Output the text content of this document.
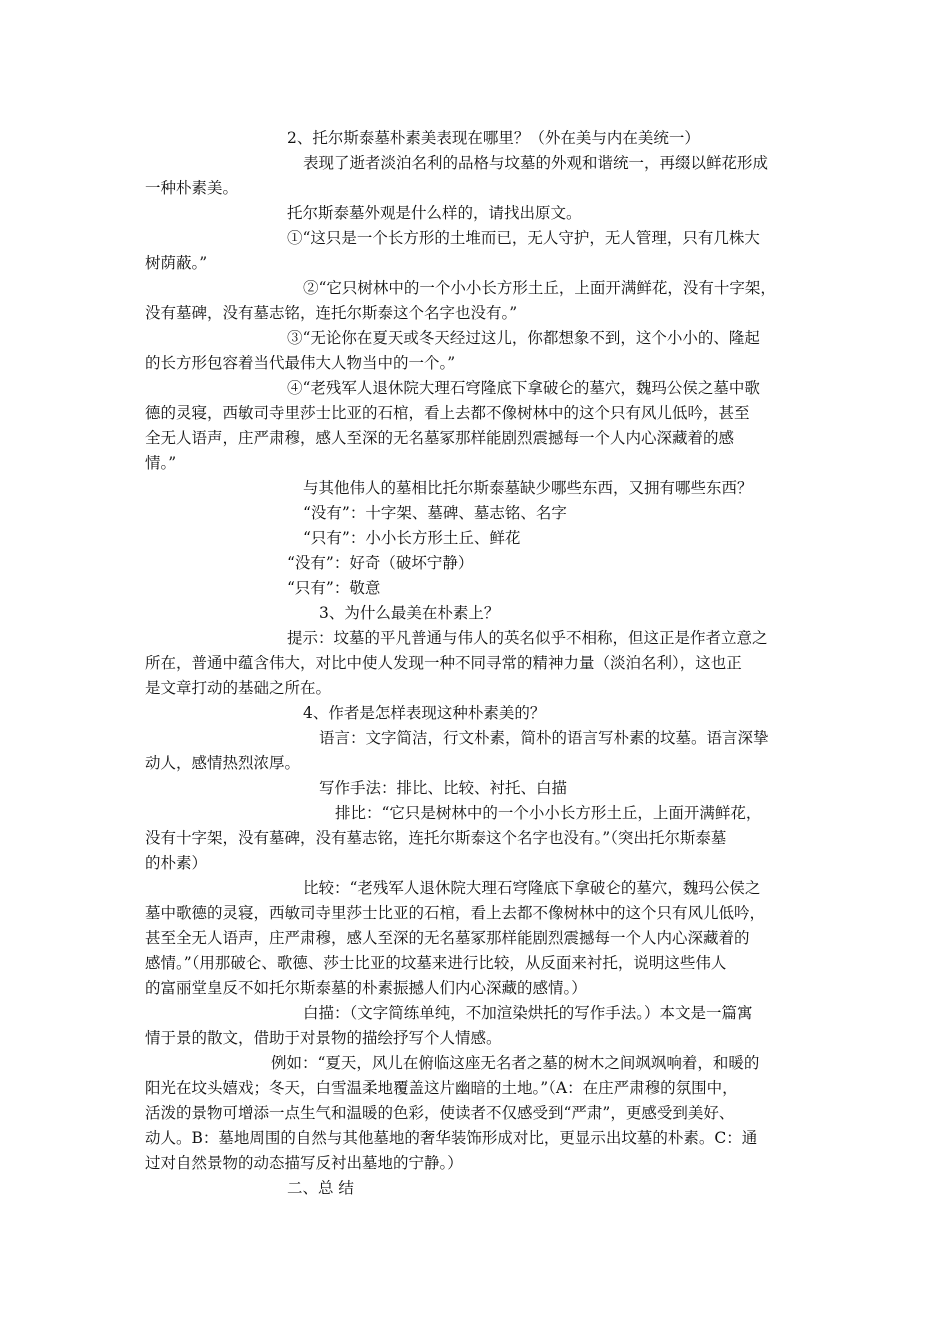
2、托尔斯泰墓朴素美表现在哪里？（外在美与内在美统一）
表现了逝者淡泊名利的品格与坟墓的外观和谐统一，再缀以鲜花形成
一种朴素美。
托尔斯泰墓外观是什么样的，请找出原文。
①“这只是一个长方形的土堆而已，无人守护，无人管理，只有几株大
树荫蔽。”
②“它只树林中的一个小小长方形土丘，上面开满鲜花，没有十字架，
没有墓碑，没有墓志铭，连托尔斯泰这个名字也没有。”
③“无论你在夏天或冬天经过这儿，你都想象不到，这个小小的、隆起
的长方形包容着当代最伟大人物当中的一个。”
④“老残军人退休院大理石穹隆底下拿破仑的墓穴，魏玛公侯之墓中歌
德的灵寝，西敏司寺里莎士比亚的石棺，看上去都不像树林中的这个只有风儿低吟，甚至
全无人语声，庄严肃穆，感人至深的无名墓冢那样能剧烈震撼每一个人内心深藏着的感
情。”
与其他伟人的墓相比托尔斯泰墓缺少哪些东西，又拥有哪些东西？
“没有”：十字架、墓碑、墓志铭、名字
“只有”：小小长方形土丘、鲜花
“没有”：好奇（破坏宁静）
“只有”：敬意
3、为什么最美在朴素上？
提示：坟墓的平凡普通与伟人的英名似乎不相称，但这正是作者立意之
所在，普通中蕴含伟大，对比中使人发现一种不同寻常的精神力量（淡泊名利），这也正
是文章打动的基础之所在。
4、作者是怎样表现这种朴素美的？
语言：文字简洁，行文朴素，简朴的语言写朴素的坟墓。语言深挚
动人，感情热烈浓厚。
写作手法：排比、比较、衬托、白描
排比：“它只是树林中的一个小小长方形土丘，上面开满鲜花，
没有十字架，没有墓碑，没有墓志铭，连托尔斯泰这个名字也没有。”（突出托尔斯泰墓
的朴素）
比较：“老残军人退休院大理石穹隆底下拿破仑的墓穴，魏玛公侯之
墓中歌德的灵寝，西敏司寺里莎士比亚的石棺，看上去都不像树林中的这个只有风儿低吟，
甚至全无人语声，庄严肃穆，感人至深的无名墓冢那样能剧烈震撼每一个人内心深藏着的
感情。”（用那破仑、歌德、莎士比亚的坟墓来进行比较，从反面来衬托，说明这些伟人
的富丽堂皇反不如托尔斯泰墓的朴素振撼人们内心深藏的感情。）
白描：（文字简练单纯，不加渲染烘托的写作手法。）本文是一篇寓
情于景的散文，借助于对景物的描绘抒写个人情感。
例如：“夏天，风儿在俯临这座无名者之墓的树木之间飒飒响着，和暖的
阳光在坟头嬉戏；冬天，白雪温柔地覆盖这片幽暗的土地。”（A：在庄严肃穆的氛围中，
活泼的景物可增添一点生气和温暖的色彩，使读者不仅感受到“严肃”，更感受到美好、
动人。B：墓地周围的自然与其他墓地的奢华装饰形成对比，更显示出坟墓的朴素。C：通
过对自然景物的动态描写反衬出墓地的宁静。）
二、总 结
